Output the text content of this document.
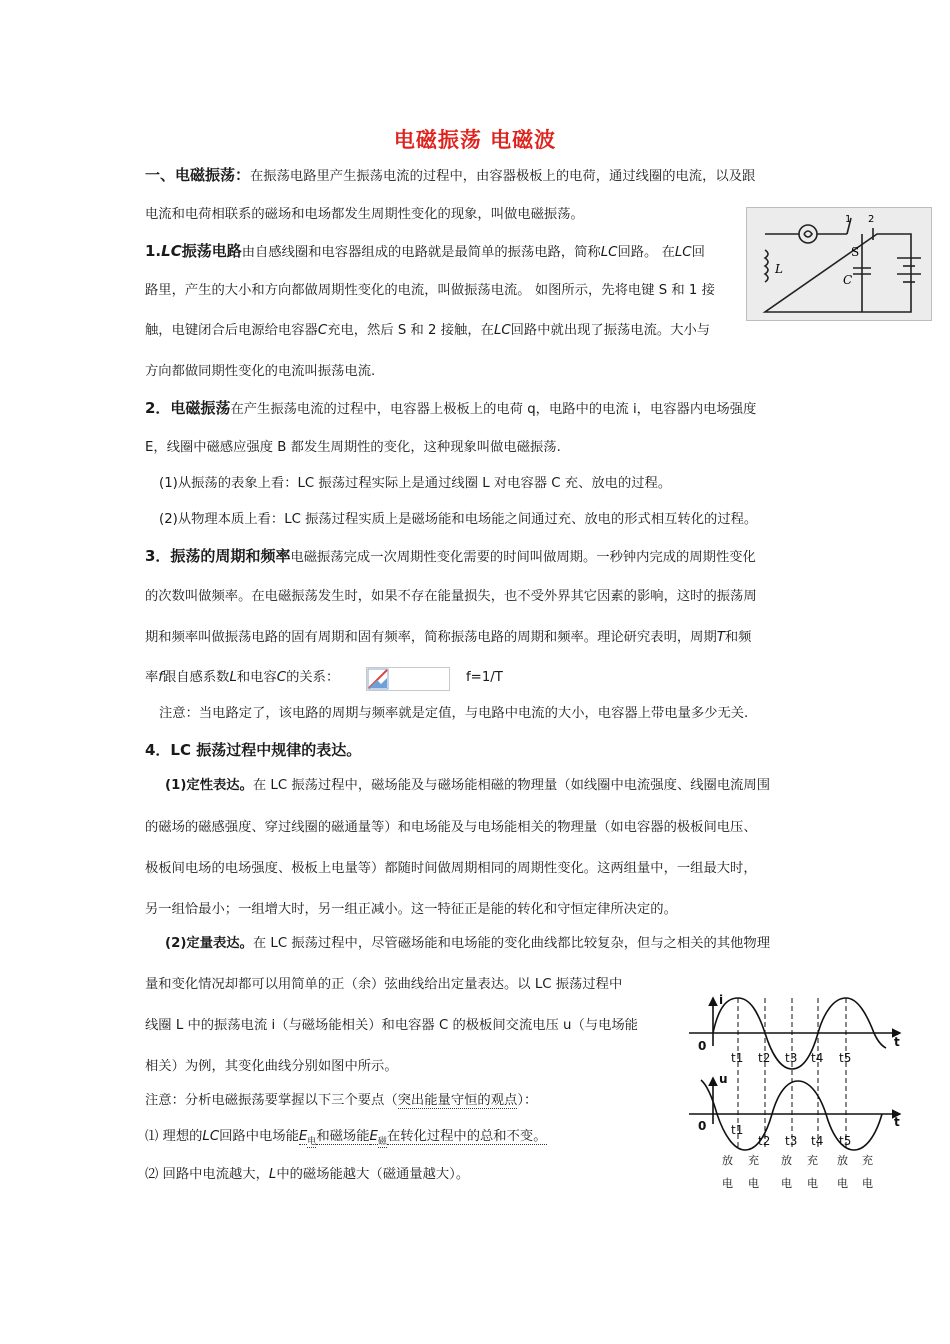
电磁振荡 电磁波
一、电磁振荡：在振荡电路里产生振荡电流的过程中，由容器极板上的电荷，通过线圈的电流，以及跟
电流和电荷相联系的磁场和电场都发生周期性变化的现象，叫做电磁振荡。
1.LC振荡电路由自感线圈和电容器组成的电路就是最简单的振荡电路，简称LC回路。 在LC回
路里，产生的大小和方向都做周期性变化的电流，叫做振荡电流。 如图所示，先将电键 S 和 1 接
触，电键闭合后电源给电容器C充电，然后 S 和 2 接触，在LC回路中就出现了振荡电流。大小与
方向都做同期性变化的电流叫振荡电流.
L
C
S
1 2
2．电磁振荡在产生振荡电流的过程中，电容器上极板上的电荷 q，电路中的电流 i，电容器内电场强度
E，线圈中磁感应强度 B 都发生周期性的变化，这种现象叫做电磁振荡.
(1)从振荡的表象上看：LC 振荡过程实际上是通过线圈 L 对电容器 C 充、放电的过程。
(2)从物理本质上看：LC 振荡过程实质上是磁场能和电场能之间通过充、放电的形式相互转化的过程。
3．振荡的周期和频率电磁振荡完成一次周期性变化需要的时间叫做周期。一秒钟内完成的周期性变化
的次数叫做频率。在电磁振荡发生时，如果不存在能量损失，也不受外界其它因素的影响，这时的振荡周
期和频率叫做振荡电路的固有周期和固有频率，简称振荡电路的周期和频率。理论研究表明，周期T和频
率f跟自感系数L和电容C的关系：	f=1/T
注意：当电路定了，该电路的周期与频率就是定值，与电路中电流的大小，电容器上带电量多少无关.
4．LC 振荡过程中规律的表达。
(1)定性表达。在 LC 振荡过程中，磁场能及与磁场能相磁的物理量（如线圈中电流强度、线圈电流周围
的磁场的磁感强度、穿过线圈的磁通量等）和电场能及与电场能相关的物理量（如电容器的极板间电压、
极板间电场的电场强度、极板上电量等）都随时间做周期相同的周期性变化。这两组量中，一组最大时，
另一组恰最小；一组增大时，另一组正减小。这一特征正是能的转化和守恒定律所决定的。
(2)定量表达。在 LC 振荡过程中，尽管磁场能和电场能的变化曲线都比较复杂，但与之相关的其他物理
量和变化情况却都可以用简单的正（余）弦曲线给出定量表达。以 LC 振荡过程中
线圈 L 中的振荡电流 i（与磁场能相关）和电容器 C 的极板间交流电压 u（与电场能
相关）为例，其变化曲线分别如图中所示。
注意：分析电磁振荡要掌握以下三个要点（突出能量守恒的观点）：
⑴ 理想的LC回路中电场能$E_电$和磁场能$E_磁$在转化过程中的总和不变。
⑵ 回路中电流越大，L中的磁场能越大（磁通量越大）。
i
u
t
t
0
0
t1 t2 t3 t4 t5
t1
t2 t3 t4 t5
放 充 放 充 放 充
电 电 电 电 电 电
